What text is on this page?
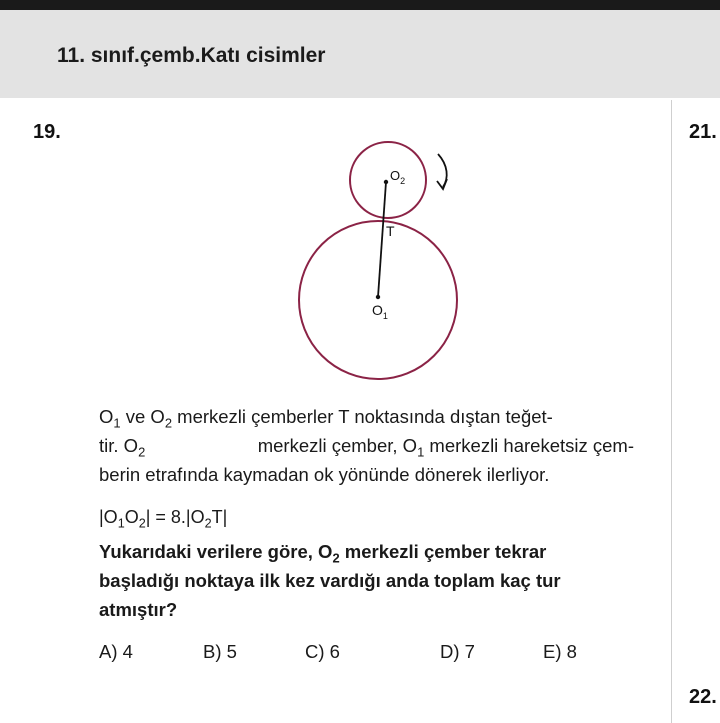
11. sınıf.çemb.Katı cisimler
19.	21.
22.
$O_2$
T
$O_1$
$O_1$ ve $O_2$ merkezli çemberler T noktasında dıştan teğet-
tir. $O_2$	merkezli çember, $O_1$ merkezli hareketsiz çem-
berin etrafında kaymadan ok yönünde dönerek ilerliyor.
$|O_1O_2| = 8.|O_2T|$
Yukarıdaki verilere göre, $O_2$ merkezli çember tekrar
başladığı noktaya ilk kez vardığı anda toplam kaç tur
atmıştır?
A) 4	B) 5	C) 6	D) 7	E) 8
